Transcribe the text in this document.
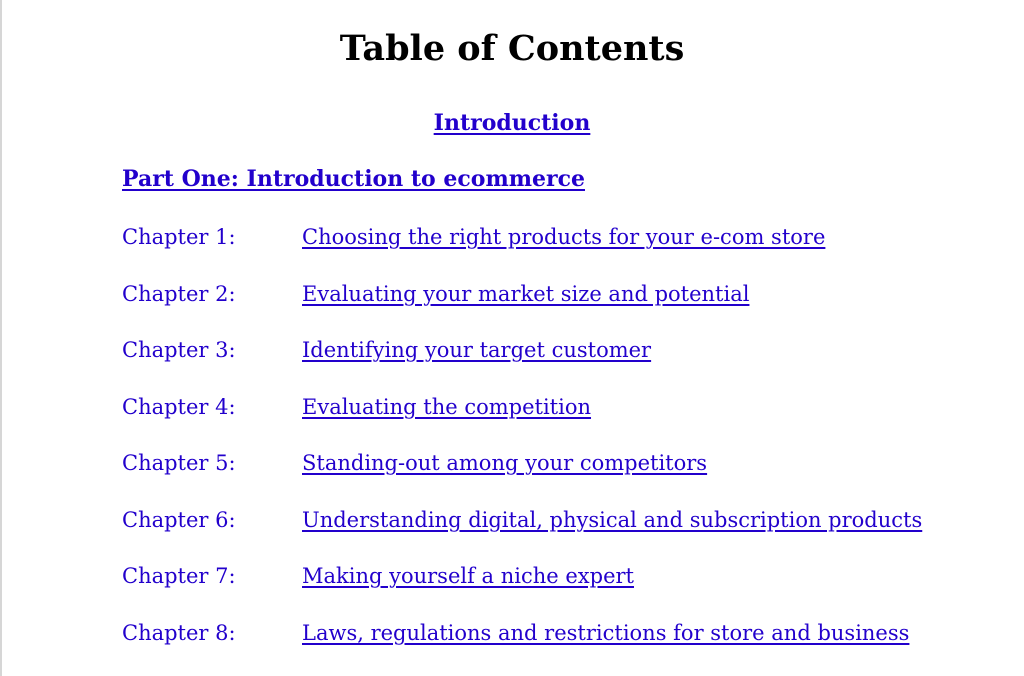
Table of Contents
Introduction
Part One: Introduction to ecommerce
Chapter 1:	Choosing the right products for your e-com store
Chapter 2:	Evaluating your market size and potential
Chapter 3:	Identifying your target customer
Chapter 4:	Evaluating the competition
Chapter 5:	Standing-out among your competitors
Chapter 6:	Understanding digital, physical and subscription products
Chapter 7:	Making yourself a niche expert
Chapter 8:	Laws, regulations and restrictions for store and business
